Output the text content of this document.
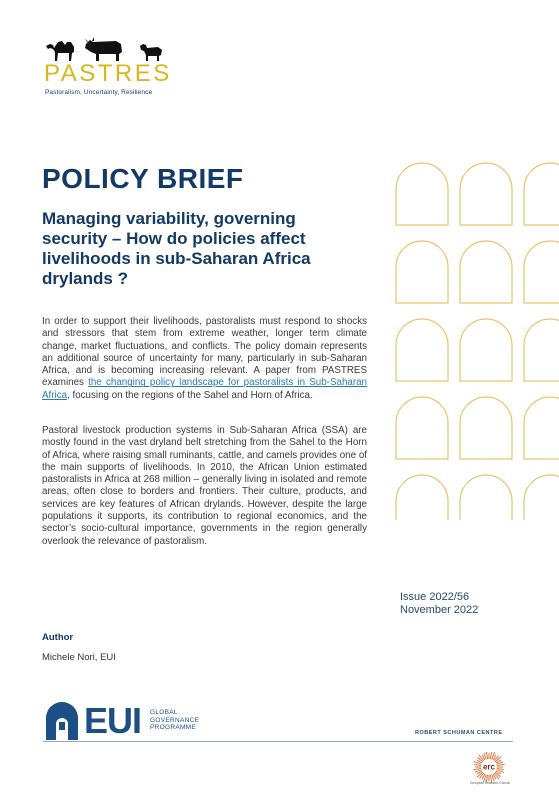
PASTRES
Pastoralism, Uncertainty, Resilience
POLICY BRIEF
Managing variability, governing security – How do policies affect livelihoods in sub-Saharan Africa drylands ?

In order to support their livelihoods, pastoralists must respond to shocks and stressors that stem from extreme weather, longer term climate change, market fluctuations, and conflicts. The policy domain represents an additional source of uncertainty for many, particularly in sub-Saharan Africa, and is becoming increasing relevant. A paper from PASTRES examines the changing policy landscape for pastoralists in Sub-Saharan Africa, focusing on the regions of the Sahel and Horn of Africa.

Pastoral livestock production systems in Sub-Saharan Africa (SSA) are mostly found in the vast dryland belt stretching from the Sahel to the Horn of Africa, where raising small ruminants, cattle, and camels provides one of the main supports of livelihoods. In 2010, the African Union estimated pastoralists in Africa at 268 million – generally living in isolated and remote areas, often close to borders and frontiers. Their culture, products, and services are key features of African drylands. However, despite the large populations it supports, its contribution to regional economics, and the sector’s socio-cultural importance, governments in the region generally overlook the relevance of pastoralism.

Issue 2022/56
November 2022
Author
Michele Nori, EUI
EUI GLOBAL
GOVERNANCE
PROGRAMME
ROBERT SCHUMAN CENTRE
erc
European Research Council
